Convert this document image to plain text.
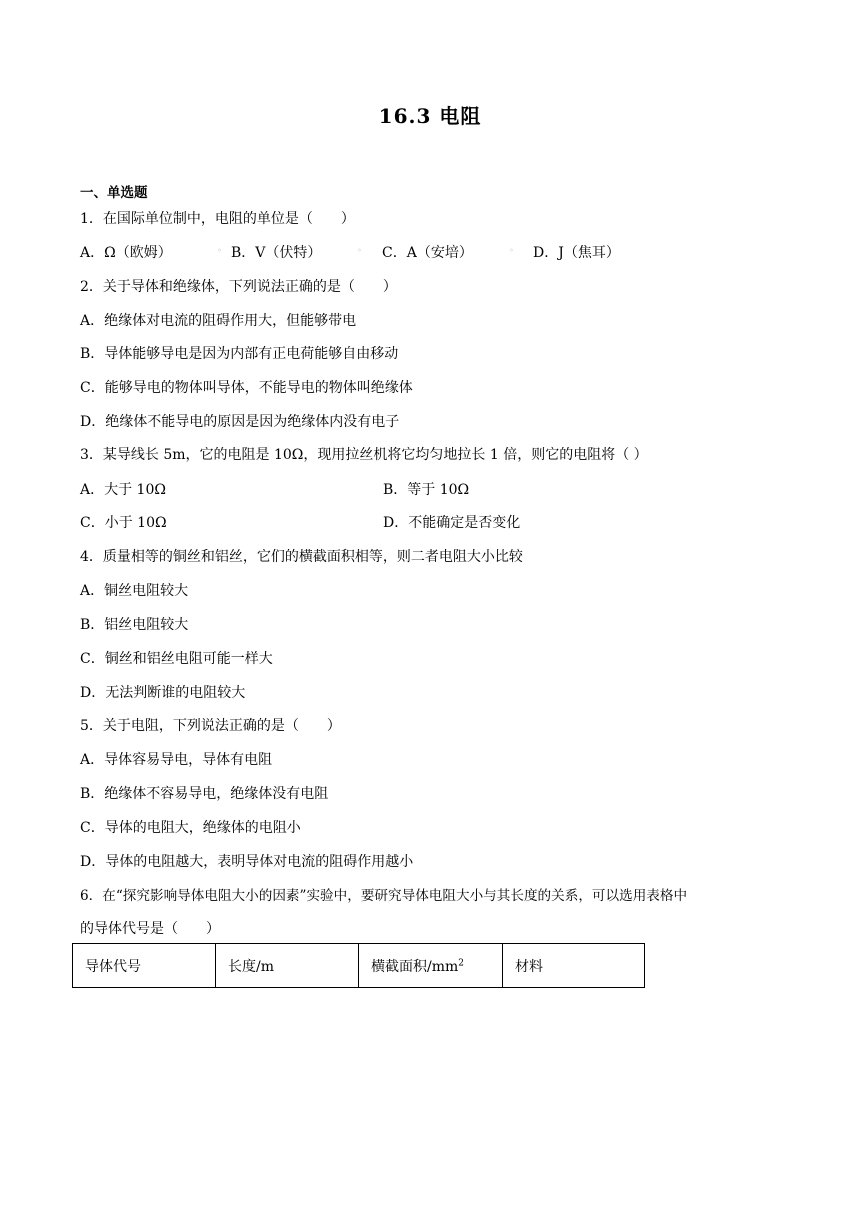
16.3 电阻
一、单选题
1．在国际单位制中，电阻的单位是（　　）
A．Ω（欧姆）	◦ B．V（伏特）	◦ C．A（安培）	◦ D．J（焦耳）
2．关于导体和绝缘体，下列说法正确的是（　　）
A．绝缘体对电流的阻碍作用大，但能够带电
B．导体能够导电是因为内部有正电荷能够自由移动
C．能够导电的物体叫导体，不能导电的物体叫绝缘体
D．绝缘体不能导电的原因是因为绝缘体内没有电子
3．某导线长 5m，它的电阻是 10Ω，现用拉丝机将它均匀地拉长 1 倍，则它的电阻将（ ）
A．大于 10Ω	B．等于 10Ω
C．小于 10Ω	D．不能确定是否变化
4．质量相等的铜丝和铝丝，它们的横截面积相等，则二者电阻大小比较
A．铜丝电阻较大
B．铝丝电阻较大
C．铜丝和铝丝电阻可能一样大
D．无法判断谁的电阻较大
5．关于电阻，下列说法正确的是（　　）
A．导体容易导电，导体有电阻
B．绝缘体不容易导电，绝缘体没有电阻
C．导体的电阻大，绝缘体的电阻小
D．导体的电阻越大，表明导体对电流的阻碍作用越小
6．在“探究影响导体电阻大小的因素”实验中，要研究导体电阻大小与其长度的关系，可以选用表格中
的导体代号是（　　）
导体代号	长度/m	横截面积$/mm^2$	材料
